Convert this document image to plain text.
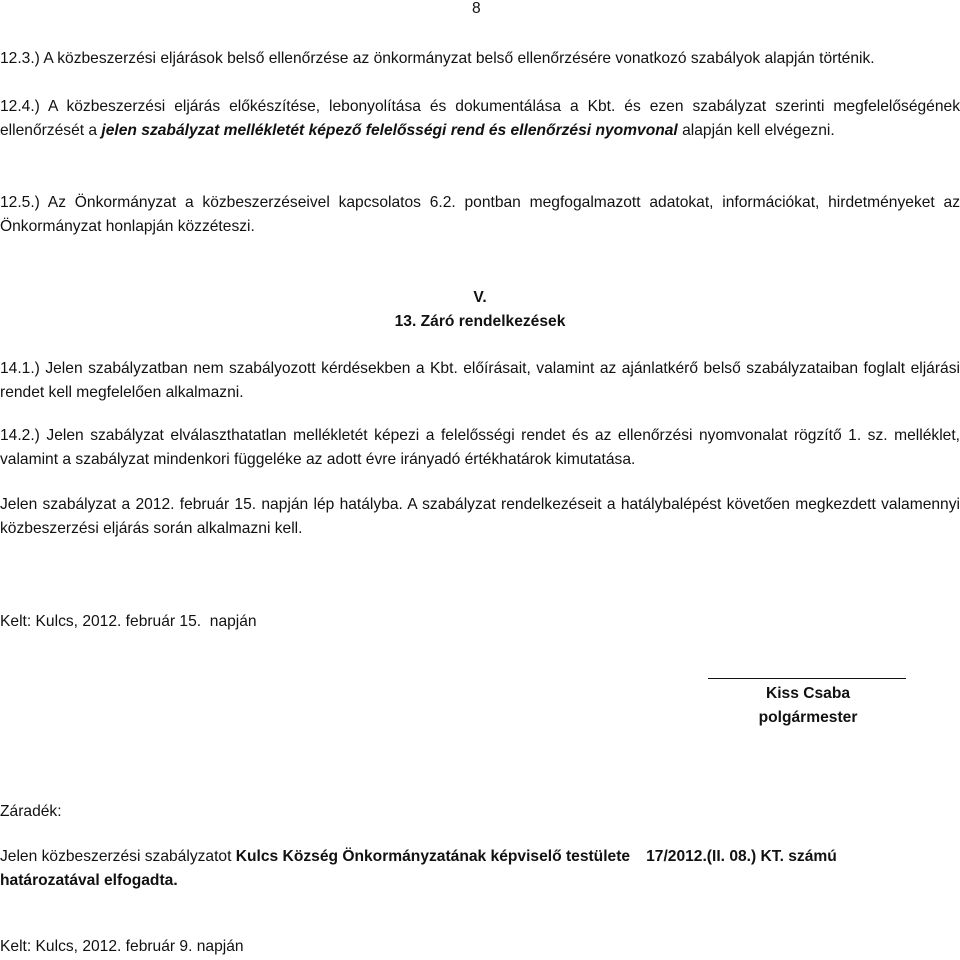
8
12.3.) A közbeszerzési eljárások belső ellenőrzése az önkormányzat belső ellenőrzésére vonatkozó szabályok alapján történik.
12.4.) A közbeszerzési eljárás előkészítése, lebonyolítása és dokumentálása a Kbt. és ezen szabályzat szerinti megfelelőségének ellenőrzését a jelen szabályzat mellékletét képező felelősségi rend és ellenőrzési nyomvonal alapján kell elvégezni.
12.5.) Az Önkormányzat a közbeszerzéseivel kapcsolatos 6.2. pontban megfogalmazott adatokat, információkat, hirdetményeket az Önkormányzat honlapján közzéteszi.
V.
13. Záró rendelkezések
14.1.) Jelen szabályzatban nem szabályozott kérdésekben a Kbt. előírásait, valamint az ajánlatkérő belső szabályzataiban foglalt eljárási rendet kell megfelelően alkalmazni.
14.2.) Jelen szabályzat elválaszthatatlan mellékletét képezi a felelősségi rendet és az ellenőrzési nyomvonalat rögzítő 1. sz. melléklet, valamint a szabályzat mindenkori függeléke az adott évre irányadó értékhatárok kimutatása.
Jelen szabályzat a 2012. február 15. napján lép hatályba. A szabályzat rendelkezéseit a hatálybalépést követően megkezdett valamennyi közbeszerzési eljárás során alkalmazni kell.
Kelt: Kulcs, 2012. február 15.  napján
Kiss Csaba
polgármester
Záradék:
Jelen közbeszerzési szabályzatot Kulcs Község Önkormányzatának képviselő testülete 17/2012.(II. 08.) KT. számú határozatával elfogadta.
Kelt: Kulcs, 2012. február 9. napján
